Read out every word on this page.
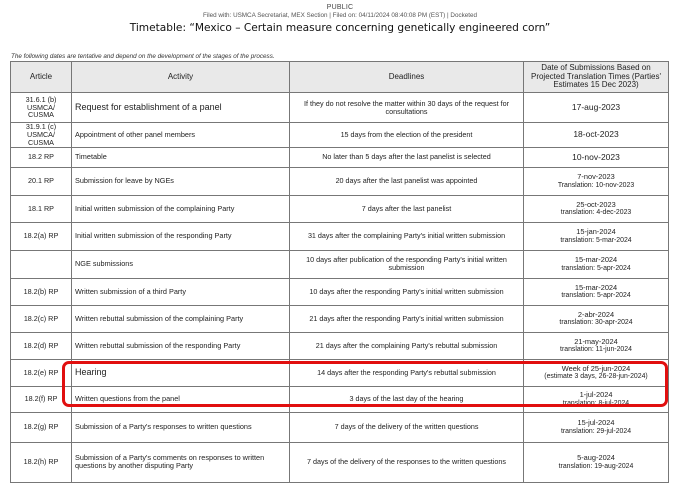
PUBLIC
Filed with: USMCA Secretariat, MEX Section | Filed on: 04/11/2024 08:40:08 PM (EST) | Docketed
Timetable: “Mexico – Certain measure concerning genetically engineered corn”
The following dates are tentative and depend on the development of the stages of the process.
Article	Activity	Deadlines	Date of Submissions Based on Projected Translation Times (Parties' Estimates 15 Dec 2023)
31.6.1 (b) USMCA/ CUSMA	Request for establishment of a panel	If they do not resolve the matter within 30 days of the request for consultations	17-aug-2023

31.9.1 (c) USMCA/ CUSMA	Appointment of other panel members	15 days from the election of the president	18-oct-2023

18.2 RP	Timetable	No later than 5 days after the last panelist is selected	10-nov-2023

20.1 RP	Submission for leave by NGEs	20 days after the last panelist was appointed	7-nov-2023
Translation: 10-nov-2023

18.1 RP	Initial written submission of the complaining Party	7 days after the last panelist	25-oct-2023
translation: 4-dec-2023

18.2(a) RP	Initial written submission of the responding Party	31 days after the complaining Party's initial written submission	15-jan-2024
translation: 5-mar-2024

	NGE submissions	10 days after publication of the responding Party's initial written submission	15-mar-2024
translation: 5-apr-2024

18.2(b) RP	Written submission of a third Party	10 days after the responding Party's initial written submission	15-mar-2024
translation: 5-apr-2024

18.2(c) RP	Written rebuttal submission of the complaining Party	21 days after the responding Party's initial written submission	2-abr-2024
translation: 30-apr-2024

18.2(d) RP	Written rebuttal submission of the responding Party	21 days after the complaining Party's rebuttal submission	21-may-2024
translation: 11-jun-2024

18.2(e) RP	Hearing	14 days after the responding Party's rebuttal submission	Week of 25-jun-2024
(estimate 3 days, 26-28-jun-2024)

18.2(f) RP	Written questions from the panel	3 days of the last day of the hearing	1-jul-2024
translation: 8-jul-2024

18.2(g) RP	Submission of a Party's responses to written questions	7 days of the delivery of the written questions	15-jul-2024
translation: 29-jul-2024

18.2(h) RP	Submission of a Party's comments on responses to written questions by another disputing Party	7 days of the delivery of the responses to the written questions	5-aug-2024
translation: 19-aug-2024
